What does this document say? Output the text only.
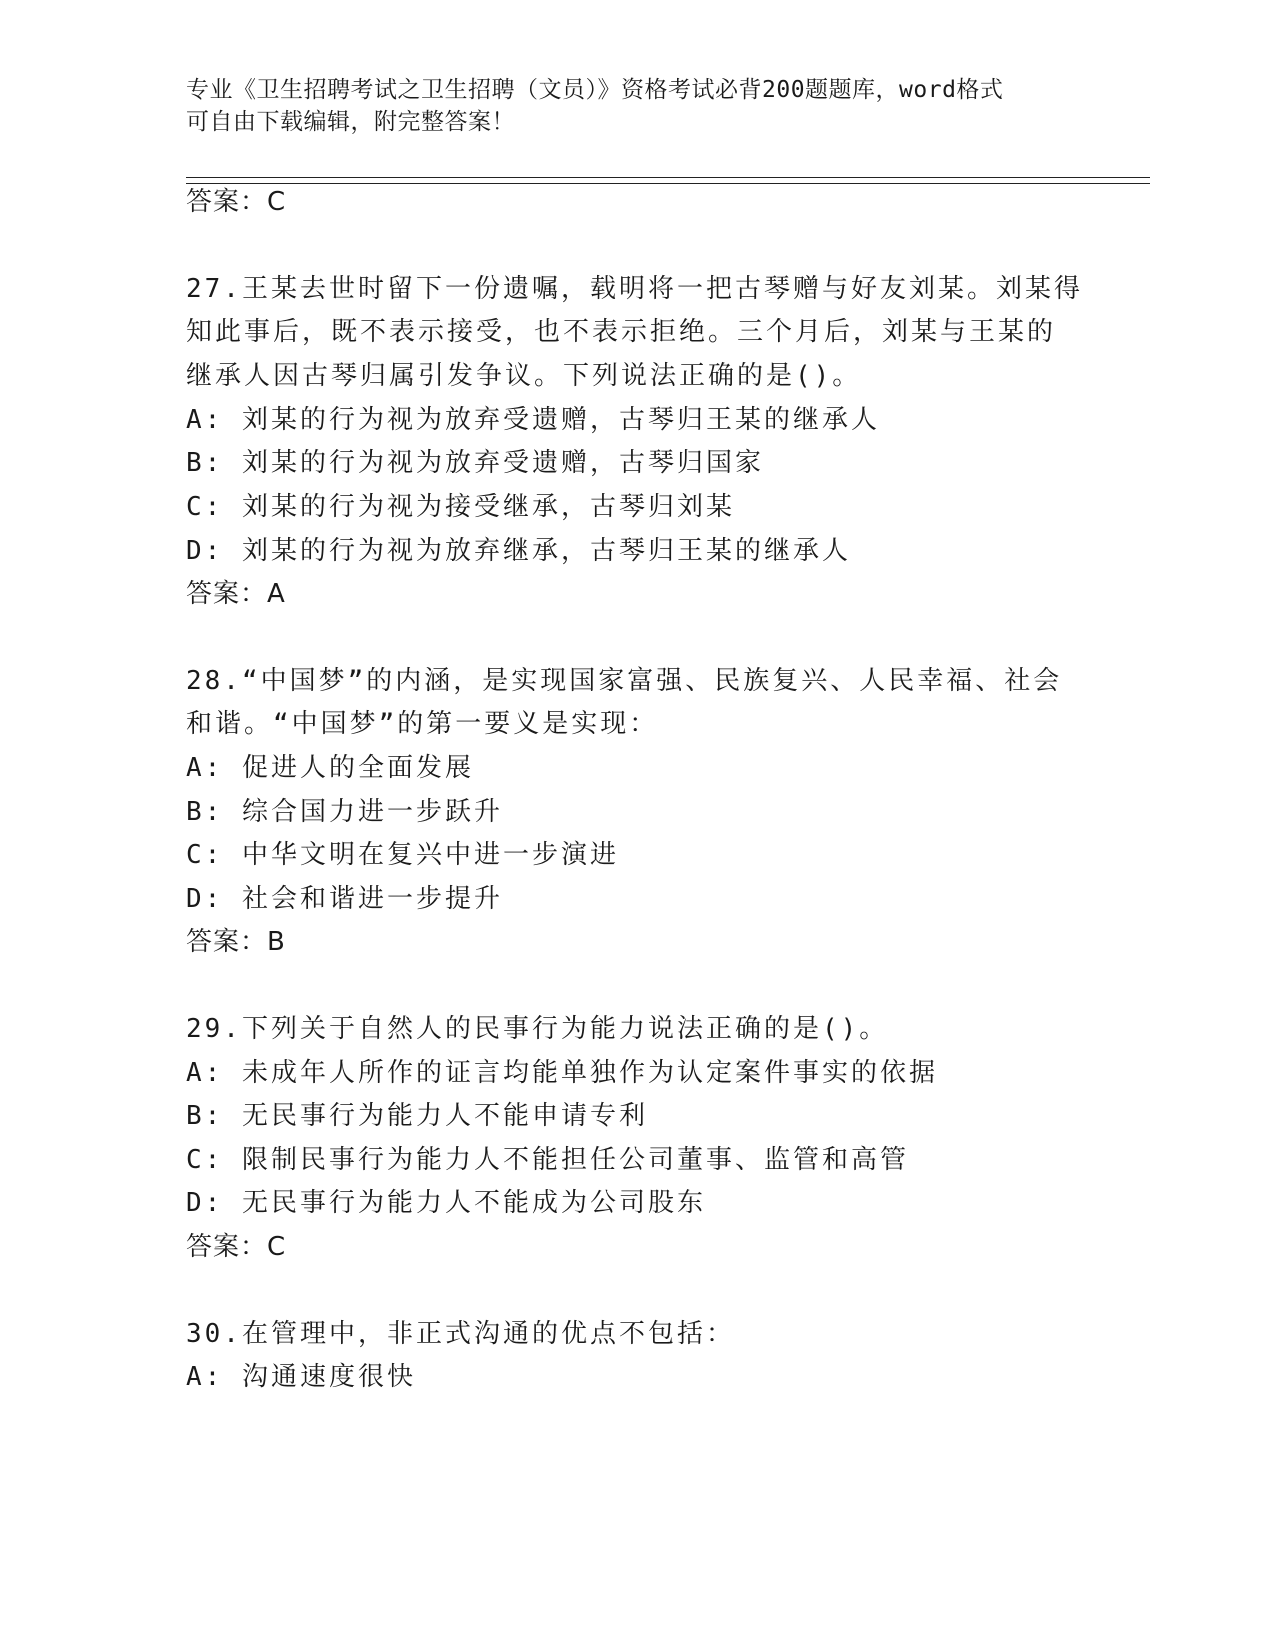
专业《卫生招聘考试之卫生招聘（文员）》资格考试必背200题题库，word格式

可自由下载编辑，附完整答案！

答案：C
27.王某去世时留下一份遗嘱，载明将一把古琴赠与好友刘某。刘某得
知此事后，既不表示接受，也不表示拒绝。三个月后，刘某与王某的
继承人因古琴归属引发争议。下列说法正确的是()。
A: 刘某的行为视为放弃受遗赠，古琴归王某的继承人
B: 刘某的行为视为放弃受遗赠，古琴归国家
C: 刘某的行为视为接受继承，古琴归刘某
D: 刘某的行为视为放弃继承，古琴归王某的继承人
答案：A
28.“中国梦”的内涵，是实现国家富强、民族复兴、人民幸福、社会
和谐。“中国梦”的第一要义是实现：
A: 促进人的全面发展
B: 综合国力进一步跃升
C: 中华文明在复兴中进一步演进
D: 社会和谐进一步提升
答案：B
29.下列关于自然人的民事行为能力说法正确的是()。
A: 未成年人所作的证言均能单独作为认定案件事实的依据
B: 无民事行为能力人不能申请专利
C: 限制民事行为能力人不能担任公司董事、监管和高管
D: 无民事行为能力人不能成为公司股东
答案：C
30.在管理中，非正式沟通的优点不包括：
A: 沟通速度很快
